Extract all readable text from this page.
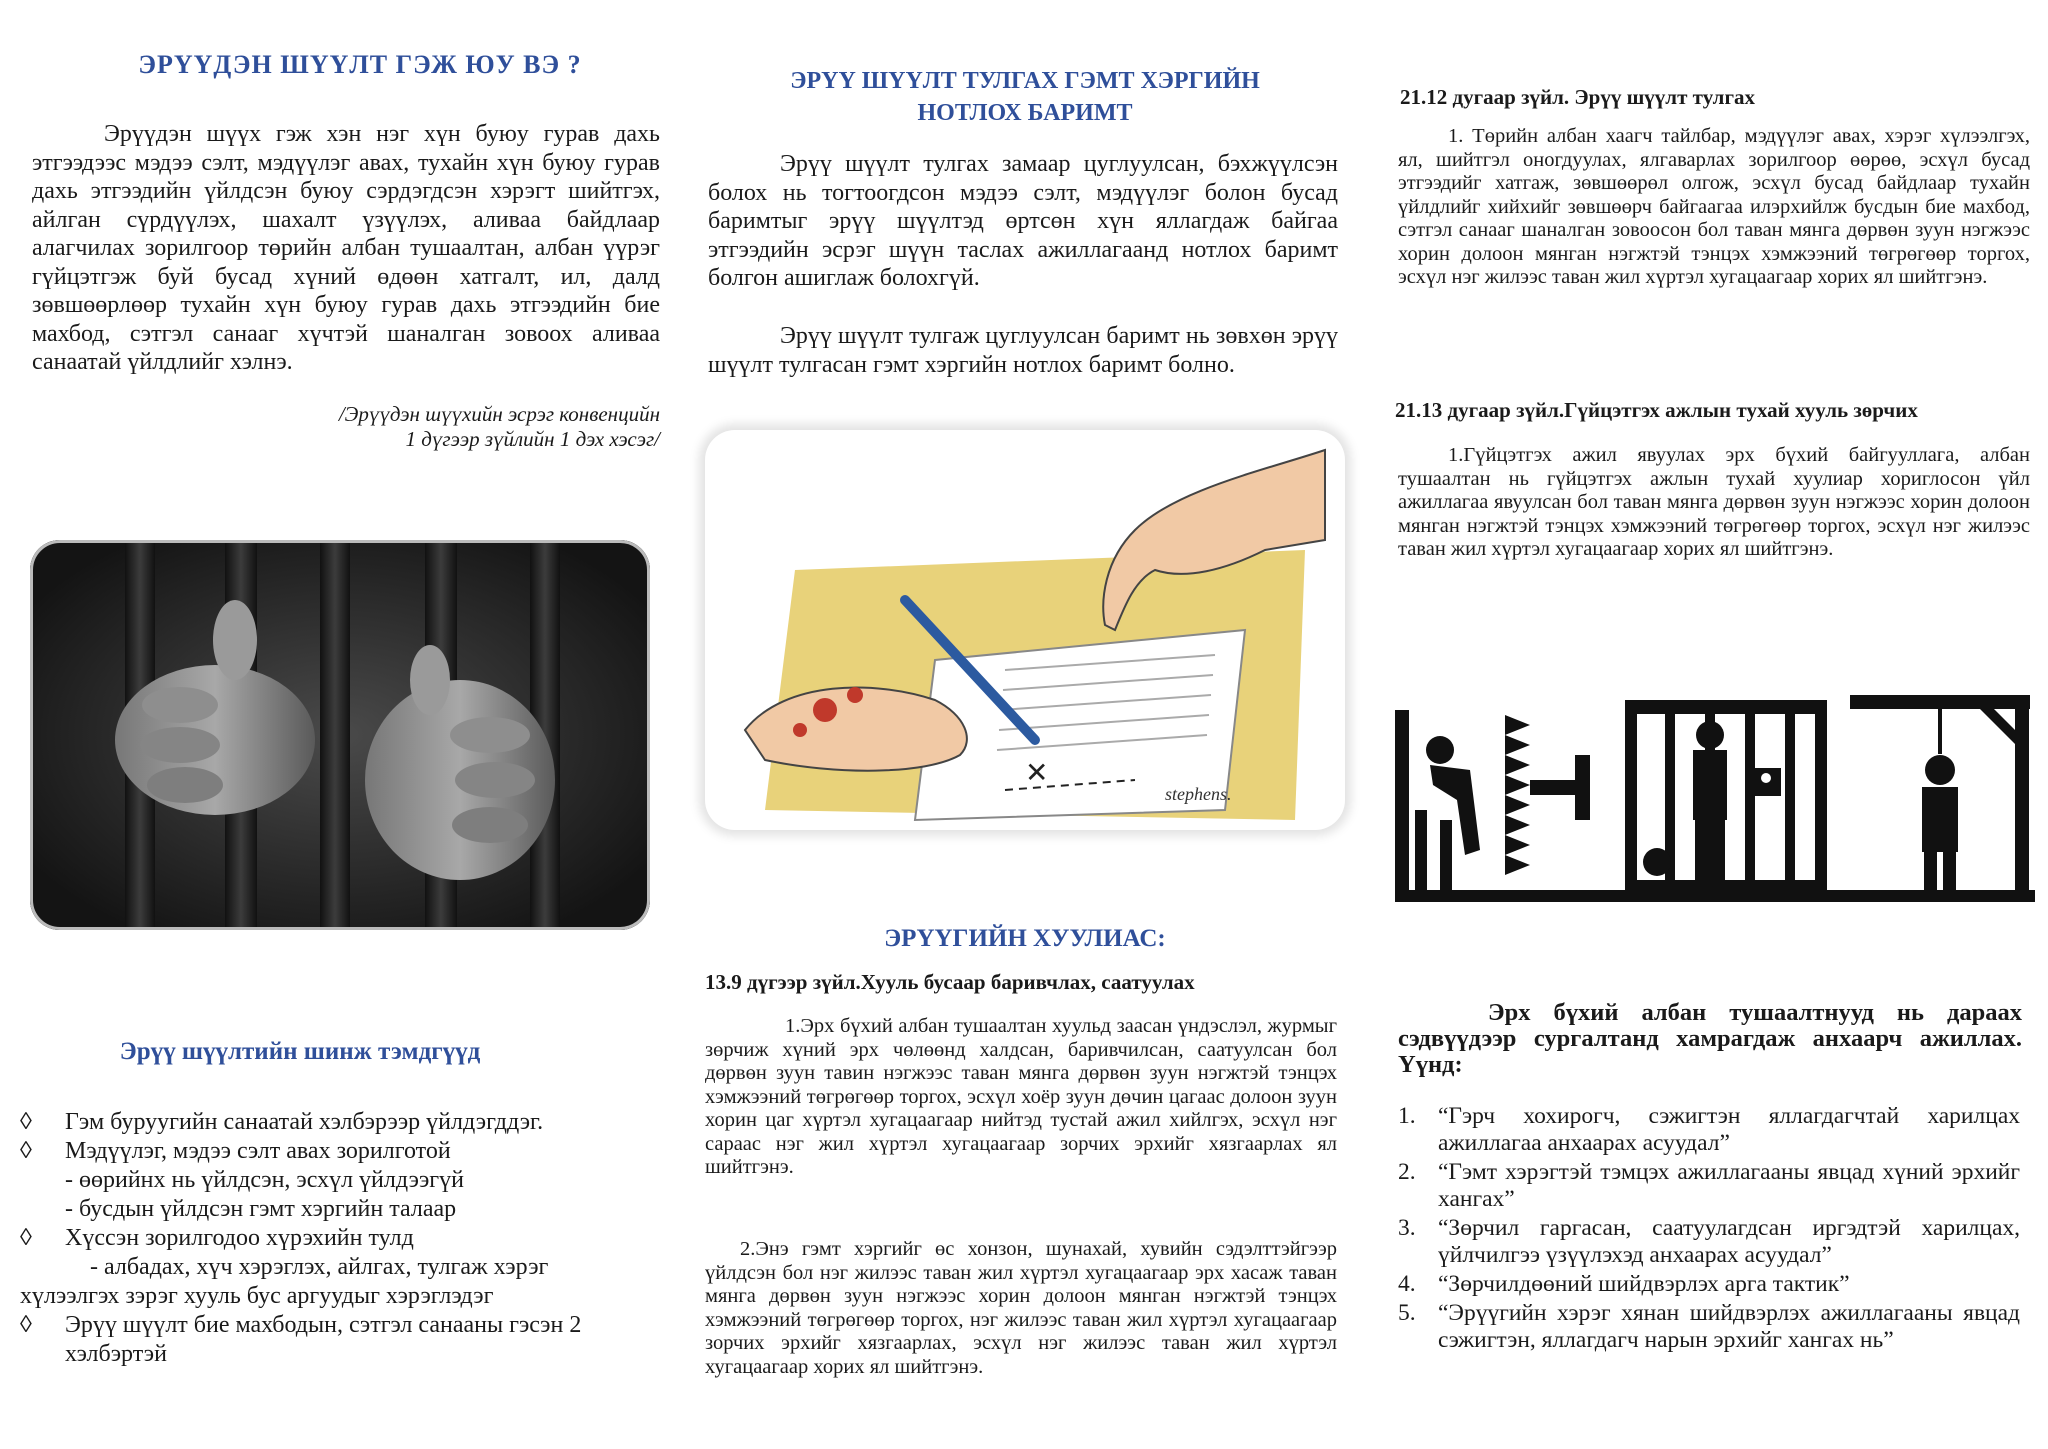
ЭРҮҮДЭН ШҮҮЛТ ГЭЖ ЮУ ВЭ ?

Эрүүдэн шүүх гэж хэн нэг хүн буюу гурав дахь этгээдээс мэдээ сэлт, мэдүүлэг авах, тухайн хүн буюу гурав дахь этгээдийн үйлдсэн буюу сэрдэгдсэн хэрэгт шийтгэх, айлган сүрдүүлэх, шахалт үзүүлэх, аливаа байдлаар алагчилах зорилгоор төрийн албан тушаалтан, албан үүрэг гүйцэтгэж буй бусад хүний өдөөн хатгалт, ил, далд зөвшөөрлөөр тухайн хүн буюу гурав дахь этгээдийн бие махбод, сэтгэл санааг хүчтэй шаналган зовоох аливаа санаатай үйлдлийг хэлнэ.

/Эрүүдэн шүүхийн эсрэг конвенцийн

1 дүгээр зүйлийн 1 дэх хэсэг/

Эрүү шүүлтийн шинж тэмдгүүд
◊ Гэм буруугийн санаатай хэлбэрээр үйлдэгддэг.
◊ Мэдүүлэг, мэдээ сэлт авах зорилготой
- өөрийнх нь үйлдсэн, эсхүл үйлдээгүй
- бусдын үйлдсэн гэмт хэргийн талаар
◊ Хүссэн зорилгодоо хүрэхийн тулд
- албадах, хүч хэрэглэх, айлгах, тулгаж хэрэг хүлээлгэх зэрэг хууль бус аргуудыг хэрэглэдэг
◊ Эрүү шүүлт бие махбодын, сэтгэл санааны гэсэн 2 хэлбэртэй
ЭРҮҮ ШҮҮЛТ ТУЛГАХ ГЭМТ ХЭРГИЙН
НОТЛОХ БАРИМТ

Эрүү шүүлт тулгах замаар цуглуулсан, бэхжүүлсэн болох нь тогтоогдсон мэдээ сэлт, мэдүүлэг болон бусад баримтыг эрүү шүүлтэд өртсөн хүн яллагдаж байгаа этгээдийн эсрэг шүүн таслах ажиллагаанд нотлох баримт болгон ашиглаж болохгүй.

Эрүү шүүлт тулгаж цуглуулсан баримт нь зөвхөн эрүү шүүлт тулгасан гэмт хэргийн нотлох баримт болно.

✕
stephens.
ЭРҮҮГИЙН ХУУЛИАС:

13.9 дүгээр зүйл.Хууль бусаар баривчлах, саатуулах

1.Эрх бүхий албан тушаалтан хуульд заасан үндэслэл, журмыг зөрчиж хүний эрх чөлөөнд халдсан, баривчилсан, саатуулсан бол дөрвөн зуун тавин нэгжээс таван мянга дөрвөн зуун нэгжтэй тэнцэх хэмжээний төгрөгөөр торгох, эсхүл хоёр зуун дөчин цагаас долоон зуун хорин цаг хүртэл хугацаагаар нийтэд тустай ажил хийлгэх, эсхүл нэг сараас нэг жил хүртэл хугацаагаар зорчих эрхийг хязгаарлах ял шийтгэнэ.

2.Энэ гэмт хэргийг өс хонзон, шунахай, хувийн сэдэлттэйгээр үйлдсэн бол нэг жилээс таван жил хүртэл хугацаагаар эрх хасаж таван мянга дөрвөн зуун нэгжээс хорин долоон мянган нэгжтэй тэнцэх хэмжээний төгрөгөөр торгох, нэг жилээс таван жил хүртэл хугацаагаар зорчих эрхийг хязгаарлах, эсхүл нэг жилээс таван жил хүртэл хугацаагаар хорих ял шийтгэнэ.

21.12 дугаар зүйл. Эрүү шүүлт тулгах

1. Төрийн албан хаагч тайлбар, мэдүүлэг авах, хэрэг хүлээлгэх, ял, шийтгэл оногдуулах, ялгаварлах зорилгоор өөрөө, эсхүл бусад этгээдийг хатгаж, зөвшөөрөл олгож, эсхүл бусад байдлаар тухайн үйлдлийг хийхийг зөвшөөрч байгаагаа илэрхийлж бусдын бие махбод, сэтгэл санааг шаналган зовоосон бол таван мянга дөрвөн зуун нэгжээс хорин долоон мянган нэгжтэй тэнцэх хэмжээний төгрөгөөр торгох, эсхүл нэг жилээс таван жил хүртэл хугацаагаар хорих ял шийтгэнэ.

21.13 дугаар зүйл.Гүйцэтгэх ажлын тухай хууль зөрчих

1.Гүйцэтгэх ажил явуулах эрх бүхий байгууллага, албан тушаалтан нь гүйцэтгэх ажлын тухай хуулиар хориглосон үйл ажиллагаа явуулсан бол таван мянга дөрвөн зуун нэгжээс хорин долоон мянган нэгжтэй тэнцэх хэмжээний төгрөгөөр торгох, эсхүл нэг жилээс таван жил хүртэл хугацаагаар хорих ял шийтгэнэ.

Эрх бүхий албан тушаалтнууд нь дараах сэдвүүдээр сургалтанд хамрагдаж анхаарч ажиллах. Үүнд:

1. “Гэрч хохирогч, сэжигтэн яллагдагчтай харилцах ажиллагаа анхаарах асуудал”
2. “Гэмт хэрэгтэй тэмцэх ажиллагааны явцад хүний эрхийг хангах”
3. “Зөрчил гаргасан, саатуулагдсан иргэдтэй харилцах, үйлчилгээ үзүүлэхэд анхаарах асуудал”
4. “Зөрчилдөөний шийдвэрлэх арга тактик”
5. “Эрүүгийн хэрэг хянан шийдвэрлэх ажиллагааны явцад сэжигтэн, яллагдагч нарын эрхийг хангах нь”
